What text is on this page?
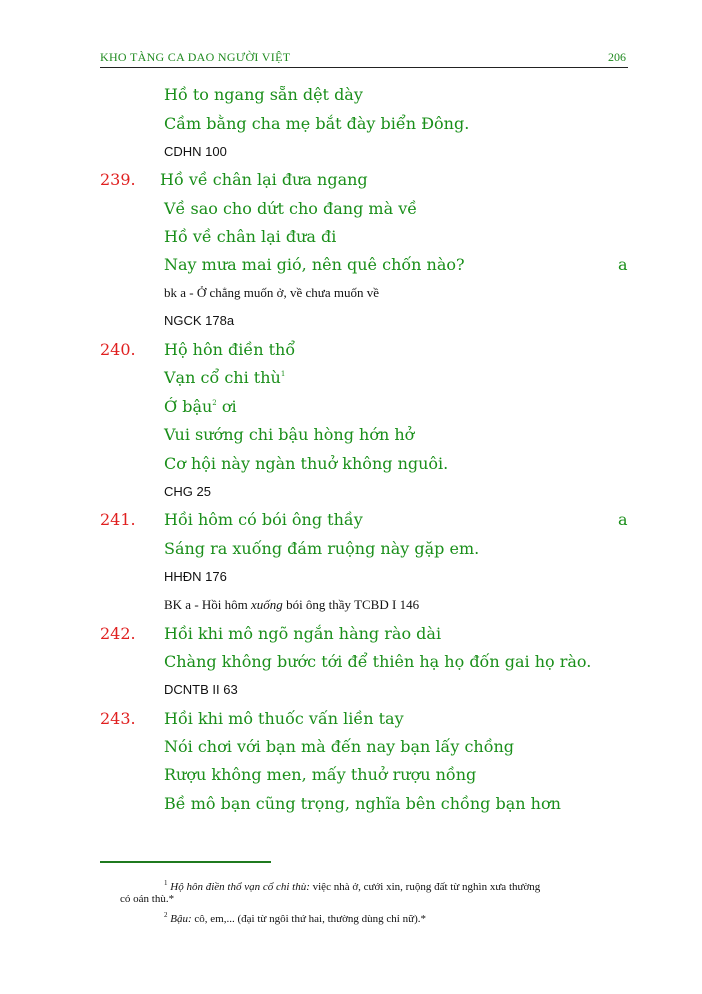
KHO TÀNG CA DAO NGƯỜI VIỆT	206
Hồ to ngang sẵn dệt dày
Cầm bằng cha mẹ bắt đày biển Đông.
CDHN 100
239. Hồ về chân lại đưa ngang
Về sao cho dứt cho đang mà về
Hồ về chân lại đưa đi
Nay mưa mai gió, nên quê chốn nào?	a
bk a - Ở chẳng muốn ở, về chưa muốn về
NGCK 178a
240. Hộ hôn điền thổ
Vạn cổ chi thù$^1$
Ớ bậu$^2$ ơi
Vui sướng chi bậu hòng hớn hở
Cơ hội này ngàn thuở không nguôi.
CHG 25
241. Hồi hôm có bói ông thầy	a
Sáng ra xuống đám ruộng này gặp em.
HHĐN 176
BK a - Hồi hôm xuống bói ông thầy TCBD I 146
242. Hồi khi mô ngõ ngắn hàng rào dài
Chàng không bước tới để thiên hạ họ đốn gai họ rào.
DCNTB II 63
243. Hồi khi mô thuốc vấn liền tay
Nói chơi với bạn mà đến nay bạn lấy chồng
Rượu không men, mấy thuở rượu nồng
Bề mô bạn cũng trọng, nghĩa bên chồng bạn hơn
$^1$ Hộ hôn điền thổ vạn cổ chi thù: việc nhà ở, cưới xin, ruộng đất từ nghìn xưa thường
có oán thù.*
$^2$ Bậu: cô, em,... (đại từ ngôi thứ hai, thường dùng chỉ nữ).*
